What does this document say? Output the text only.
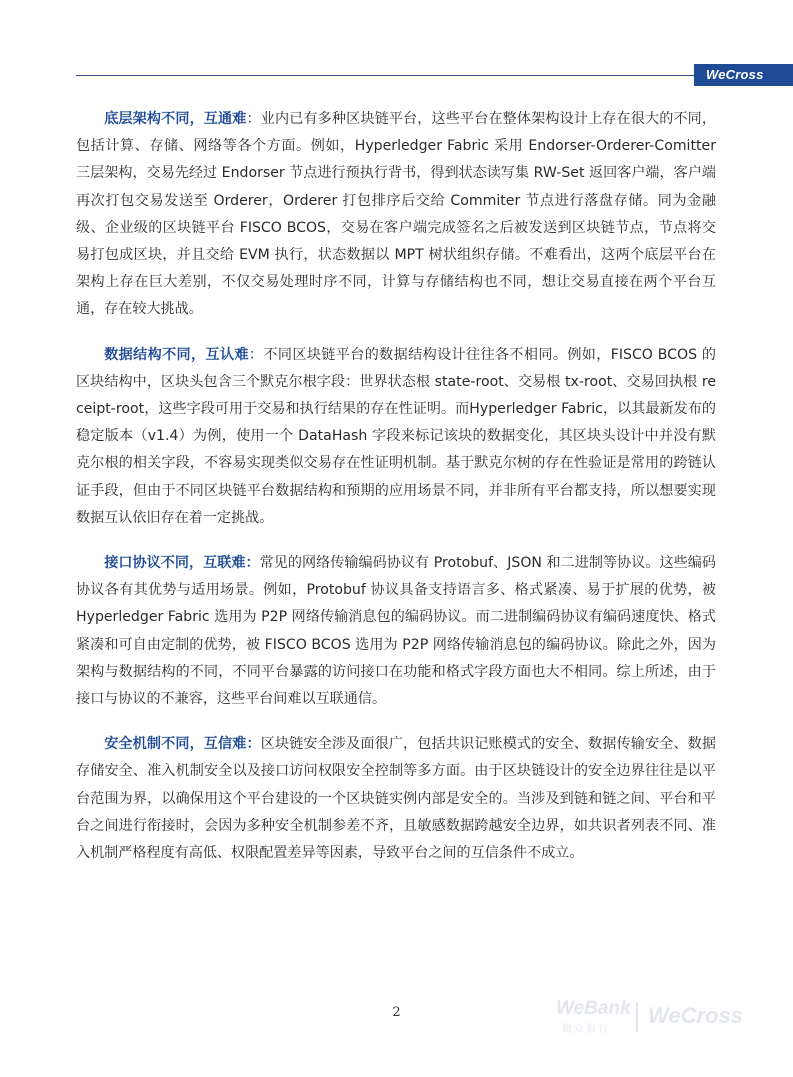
WeCross

底层架构不同，互通难：业内已有多种区块链平台，这些平台在整体架构设计上存在很大的不同，包括计算、存储、网络等各个方面。例如，Hyperledger Fabric 采用 Endorser-Orderer-Comitter 三层架构，交易先经过 Endorser 节点进行预执行背书，得到状态读写集 RW-Set 返回客户端，客户端再次打包交易发送至 Orderer，Orderer 打包排序后交给 Commiter 节点进行落盘存储。同为金融级、企业级的区块链平台 FISCO BCOS，交易在客户端完成签名之后被发送到区块链节点，节点将交易打包成区块，并且交给 EVM 执行，状态数据以 MPT 树状组织存储。不难看出，这两个底层平台在架构上存在巨大差别，不仅交易处理时序不同，计算与存储结构也不同，想让交易直接在两个平台互通，存在较大挑战。

数据结构不同，互认难：不同区块链平台的数据结构设计往往各不相同。例如，FISCO BCOS 的区块结构中，区块头包含三个默克尔根字段：世界状态根 state-root、交易根 tx-root、交易回执根 receipt-root，这些字段可用于交易和执行结果的存在性证明。而Hyperledger Fabric，以其最新发布的稳定版本（v1.4）为例，使用一个 DataHash 字段来标记该块的数据变化，其区块头设计中并没有默克尔根的相关字段，不容易实现类似交易存在性证明机制。基于默克尔树的存在性验证是常用的跨链认证手段，但由于不同区块链平台数据结构和预期的应用场景不同，并非所有平台都支持，所以想要实现数据互认依旧存在着一定挑战。

接口协议不同，互联难：常见的网络传输编码协议有 Protobuf、JSON 和二进制等协议。这些编码协议各有其优势与适用场景。例如，Protobuf 协议具备支持语言多、格式紧凑、易于扩展的优势，被 Hyperledger Fabric 选用为 P2P 网络传输消息包的编码协议。而二进制编码协议有编码速度快、格式紧凑和可自由定制的优势，被 FISCO BCOS 选用为 P2P 网络传输消息包的编码协议。除此之外，因为架构与数据结构的不同，不同平台暴露的访问接口在功能和格式字段方面也大不相同。综上所述，由于接口与协议的不兼容，这些平台间难以互联通信。

安全机制不同，互信难：区块链安全涉及面很广，包括共识记账模式的安全、数据传输安全、数据存储安全、准入机制安全以及接口访问权限安全控制等多方面。由于区块链设计的安全边界往往是以平台范围为界，以确保用这个平台建设的一个区块链实例内部是安全的。当涉及到链和链之间、平台和平台之间进行衔接时，会因为多种安全机制参差不齐，且敏感数据跨越安全边界，如共识者列表不同、准入机制严格程度有高低、权限配置差异等因素，导致平台之间的互信条件不成立。

2	WeBank
微众银行
WeCross
